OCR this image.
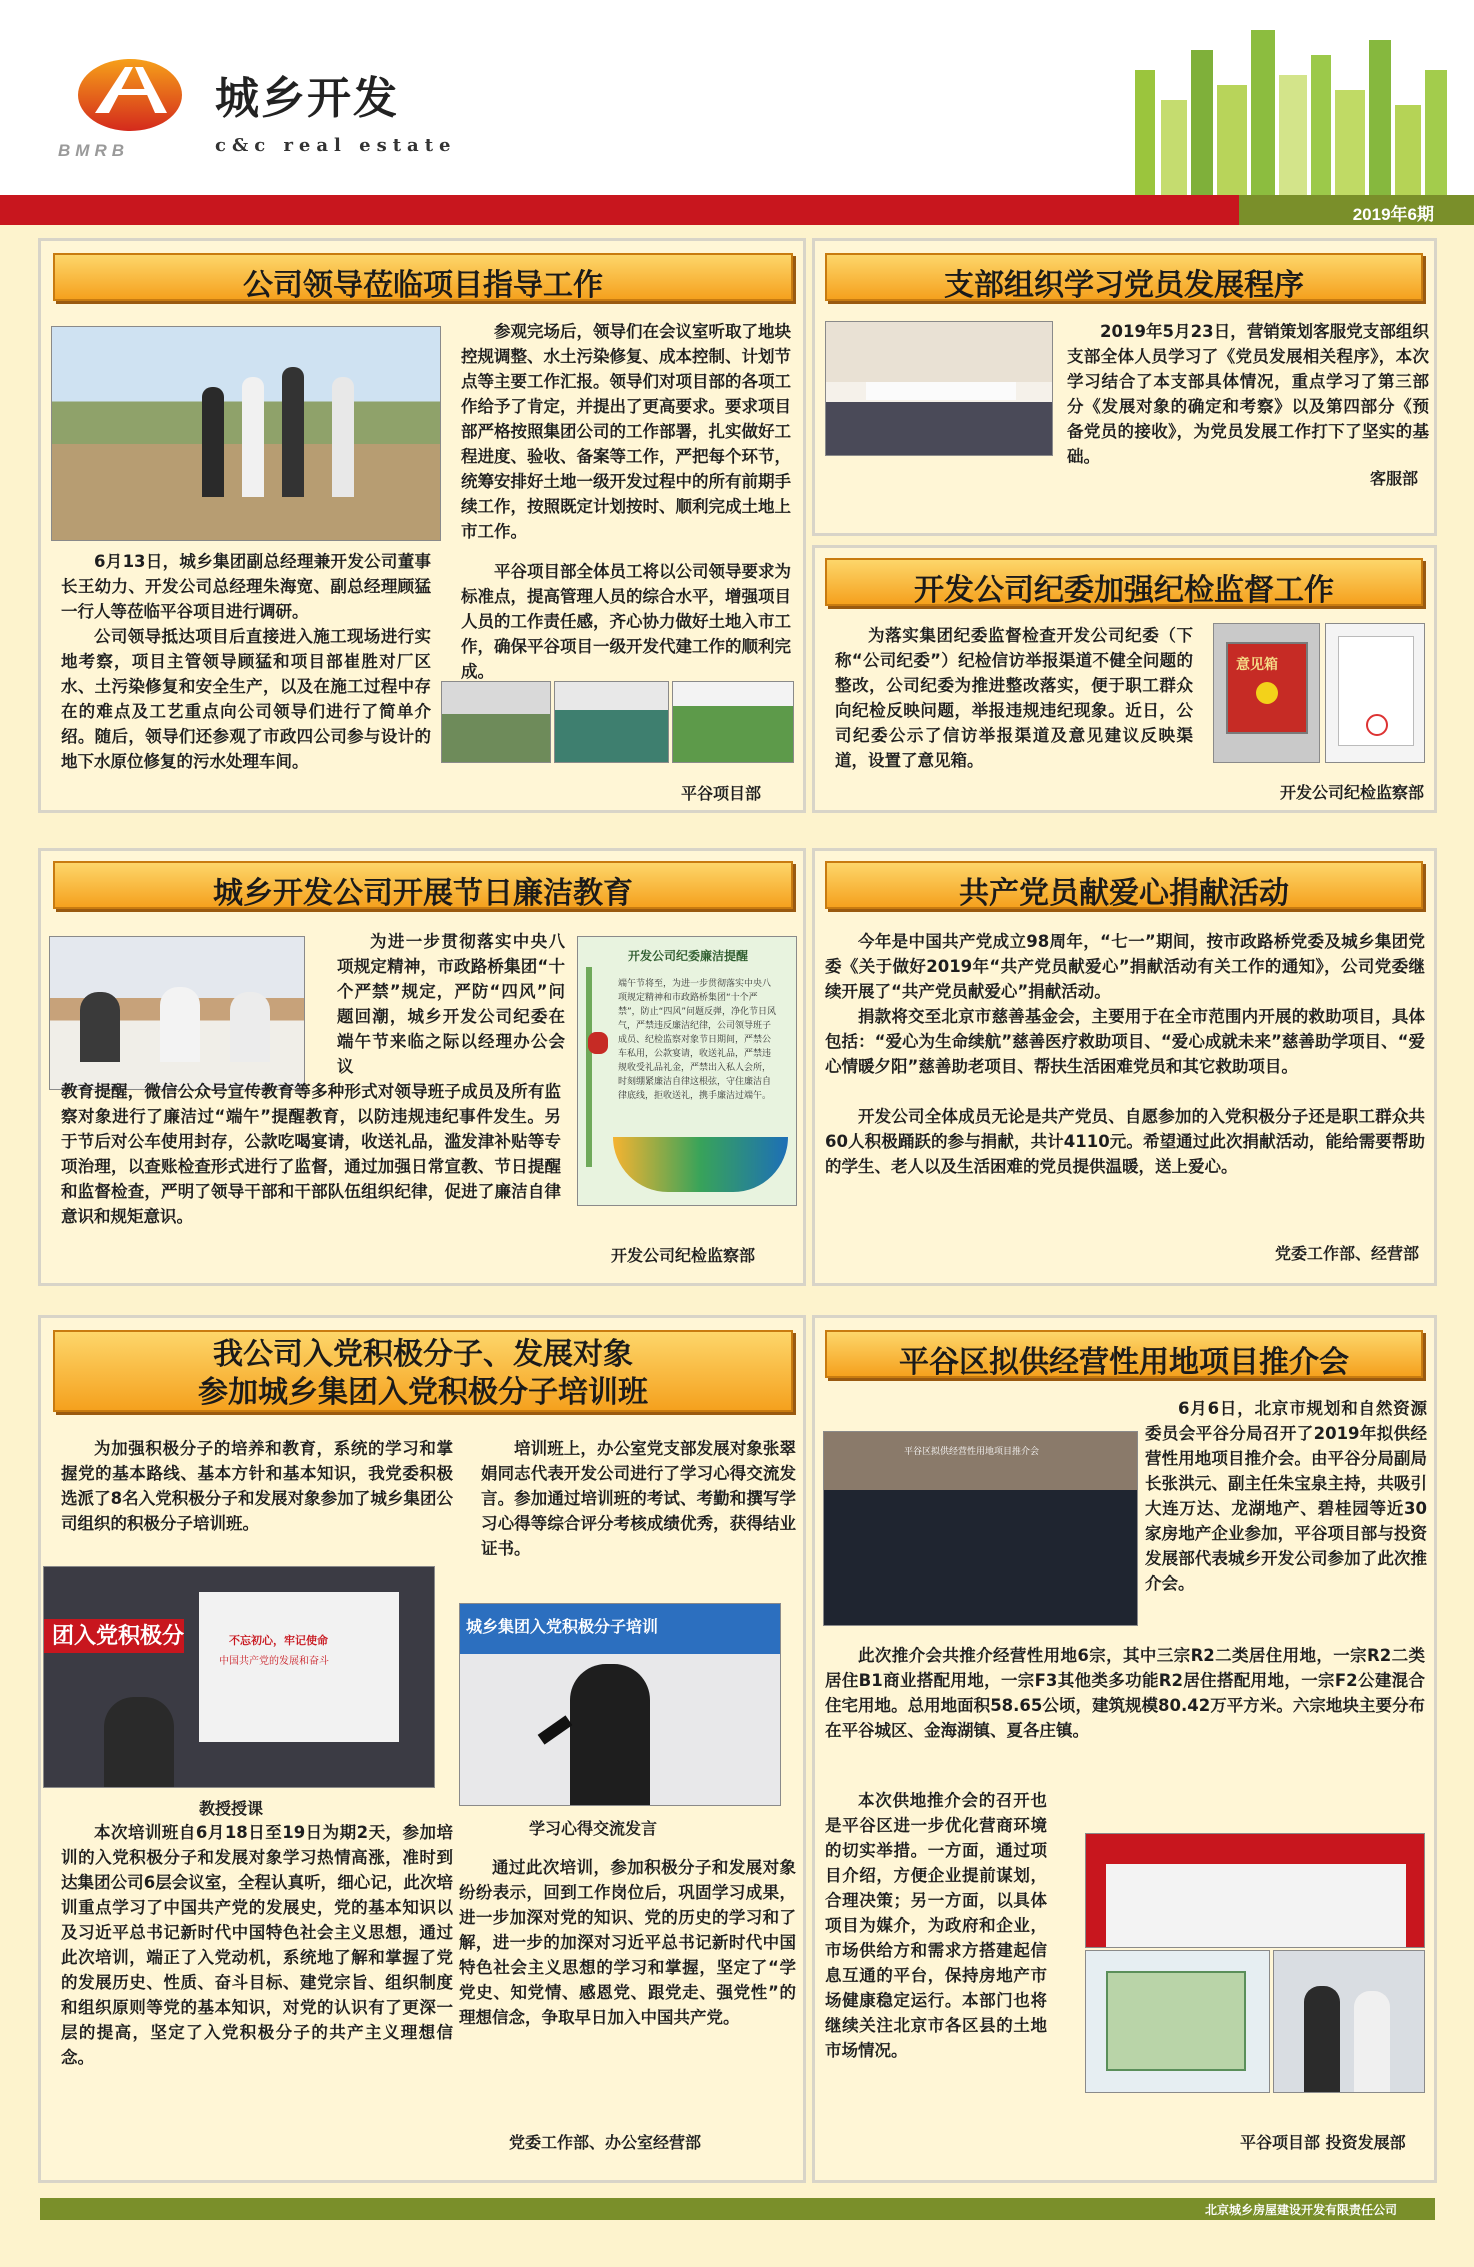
BMRB
城乡开发
c&c real estate
2019年6期
公司领导莅临项目指导工作
6月13日，城乡集团副总经理兼开发公司董事长王幼力、开发公司总经理朱海宽、副总经理顾猛一行人等莅临平谷项目进行调研。
公司领导抵达项目后直接进入施工现场进行实地考察，项目主管领导顾猛和项目部崔胜对厂区水、土污染修复和安全生产，以及在施工过程中存在的难点及工艺重点向公司领导们进行了简单介绍。随后，领导们还参观了市政四公司参与设计的地下水原位修复的污水处理车间。
参观完场后，领导们在会议室听取了地块控规调整、水土污染修复、成本控制、计划节点等主要工作汇报。领导们对项目部的各项工作给予了肯定，并提出了更高要求。要求项目部严格按照集团公司的工作部署，扎实做好工程进度、验收、备案等工作，严把每个环节，统筹安排好土地一级开发过程中的所有前期手续工作，按照既定计划按时、顺利完成土地上市工作。
平谷项目部全体员工将以公司领导要求为标准点，提高管理人员的综合水平，增强项目人员的工作责任感，齐心协力做好土地入市工作，确保平谷项目一级开发代建工作的顺利完成。
平谷项目部
支部组织学习党员发展程序
2019年5月23日，营销策划客服党支部组织支部全体人员学习了《党员发展相关程序》，本次学习结合了本支部具体情况，重点学习了第三部分《发展对象的确定和考察》以及第四部分《预备党员的接收》，为党员发展工作打下了坚实的基础。
客服部
开发公司纪委加强纪检监督工作
为落实集团纪委监督检查开发公司纪委（下称“公司纪委”）纪检信访举报渠道不健全问题的整改，公司纪委为推进整改落实，便于职工群众向纪检反映问题，举报违规违纪现象。近日，公司纪委公示了信访举报渠道及意见建议反映渠道，设置了意见箱。
意见箱
开发公司纪检监察部
城乡开发公司开展节日廉洁教育
为进一步贯彻落实中央八项规定精神，市政路桥集团“十个严禁”规定，严防“四风”问题回潮，城乡开发公司纪委在端午节来临之际以经理办公会议
教育提醒，微信公众号宣传教育等多种形式对领导班子成员及所有监察对象进行了廉洁过“端午”提醒教育，以防违规违纪事件发生。另于节后对公车使用封存，公款吃喝宴请，收送礼品，滥发津补贴等专项治理，以查账检查形式进行了监督，通过加强日常宣教、节日提醒和监督检查，严明了领导干部和干部队伍组织纪律，促进了廉洁自律意识和规矩意识。
开发公司纪委廉洁提醒
端午节将至，为进一步贯彻落实中央八项规定精神和市政路桥集团“十个严禁”，防止“四风”问题反弹，净化节日风气，严禁违反廉洁纪律，公司领导班子成员、纪检监察对象节日期间，严禁公车私用，公款宴请，收送礼品，严禁违规收受礼品礼金，严禁出入私人会所，时刻绷紧廉洁自律这根弦，守住廉洁自律底线，拒收送礼，携手廉洁过端午。
开发公司纪检监察部
共产党员献爱心捐献活动
今年是中国共产党成立98周年，“七一”期间，按市政路桥党委及城乡集团党委《关于做好2019年“共产党员献爱心”捐献活动有关工作的通知》，公司党委继续开展了“共产党员献爱心”捐献活动。
捐款将交至北京市慈善基金会，主要用于在全市范围内开展的救助项目，具体包括：“爱心为生命续航”慈善医疗救助项目、“爱心成就未来”慈善助学项目、“爱心情暖夕阳”慈善助老项目、帮扶生活困难党员和其它救助项目。
开发公司全体成员无论是共产党员、自愿参加的入党积极分子还是职工群众共60人积极踊跃的参与捐献，共计4110元。希望通过此次捐献活动，能给需要帮助的学生、老人以及生活困难的党员提供温暖，送上爱心。
党委工作部、经营部
我公司入党积极分子、发展对象
参加城乡集团入党积极分子培训班
为加强积极分子的培养和教育，系统的学习和掌握党的基本路线、基本方针和基本知识，我党委积极选派了8名入党积极分子和发展对象参加了城乡集团公司组织的积极分子培训班。
培训班上，办公室党支部发展对象张翠娟同志代表开发公司进行了学习心得交流发言。参加通过培训班的考试、考勤和撰写学习心得等综合评分考核成绩优秀，获得结业证书。
团入党积极分	不忘初心，牢记使命
中国共产党的发展和奋斗
教授授课
城乡集团入党积极分子培训
学习心得交流发言
本次培训班自6月18日至19日为期2天，参加培训的入党积极分子和发展对象学习热情高涨，准时到达集团公司6层会议室，全程认真听，细心记，此次培训重点学习了中国共产党的发展史，党的基本知识以及习近平总书记新时代中国特色社会主义思想，通过此次培训，端正了入党动机，系统地了解和掌握了党的发展历史、性质、奋斗目标、建党宗旨、组织制度和组织原则等党的基本知识，对党的认识有了更深一层的提高，坚定了入党积极分子的共产主义理想信念。
通过此次培训，参加积极分子和发展对象纷纷表示，回到工作岗位后，巩固学习成果，进一步加深对党的知识、党的历史的学习和了解，进一步的加深对习近平总书记新时代中国特色社会主义思想的学习和掌握，坚定了“学党史、知党情、感恩党、跟党走、强党性”的理想信念，争取早日加入中国共产党。
党委工作部、办公室经营部
平谷区拟供经营性用地项目推介会
平谷区拟供经营性用地项目推介会
6月6日，北京市规划和自然资源委员会平谷分局召开了2019年拟供经营性用地项目推介会。由平谷分局副局长张洪元、副主任朱宝泉主持，共吸引大连万达、龙湖地产、碧桂园等近30家房地产企业参加，平谷项目部与投资发展部代表城乡开发公司参加了此次推介会。
此次推介会共推介经营性用地6宗，其中三宗R2二类居住用地，一宗R2二类居住B1商业搭配用地，一宗F3其他类多功能R2居住搭配用地，一宗F2公建混合住宅用地。总用地面积58.65公顷，建筑规模80.42万平方米。六宗地块主要分布在平谷城区、金海湖镇、夏各庄镇。
本次供地推介会的召开也是平谷区进一步优化营商环境的切实举措。一方面，通过项目介绍，方便企业提前谋划，合理决策；另一方面，以具体项目为媒介，为政府和企业，市场供给方和需求方搭建起信息互通的平台，保持房地产市场健康稳定运行。本部门也将继续关注北京市各区县的土地市场情况。
平谷项目部 投资发展部
北京城乡房屋建设开发有限责任公司
